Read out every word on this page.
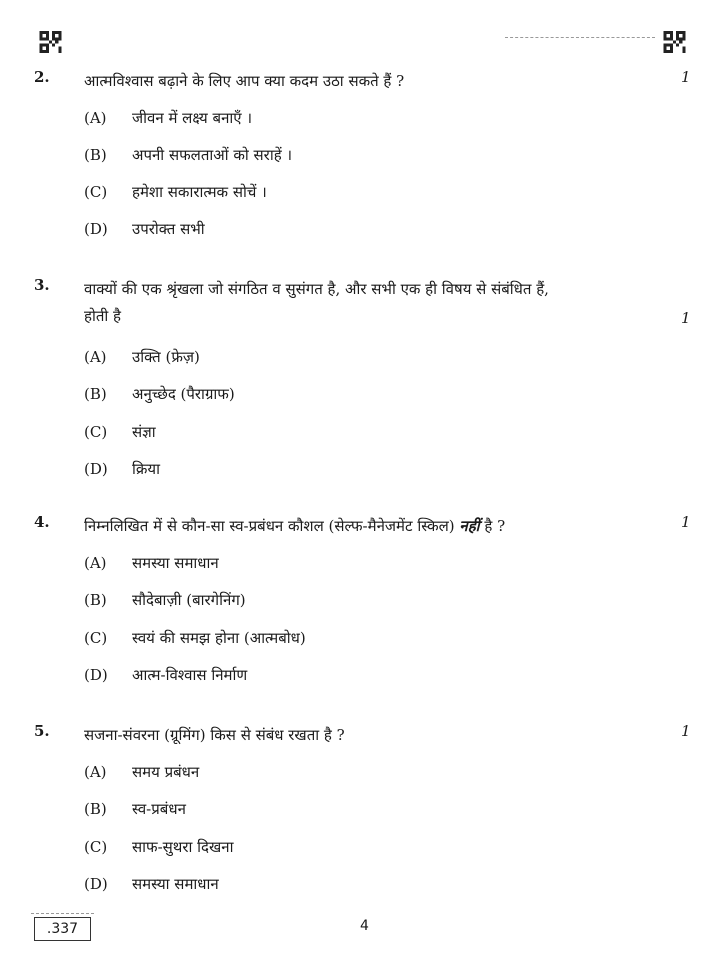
2. आत्मविश्वास बढ़ाने के लिए आप क्या कदम उठा सकते हैं ?	1
(A) जीवन में लक्ष्य बनाएँ ।
(B) अपनी सफलताओं को सराहें ।
(C) हमेशा सकारात्मक सोचें ।
(D) उपरोक्त सभी
3. वाक्यों की एक श्रृंखला जो संगठित व सुसंगत है, और सभी एक ही विषय से संबंधित हैं,
होती है	1
(A) उक्ति (फ्रेज़)
(B) अनुच्छेद (पैराग्राफ)
(C) संज्ञा
(D) क्रिया
4. निम्नलिखित में से कौन-सा स्व-प्रबंधन कौशल (सेल्फ-मैनेजमेंट स्किल) नहीं है ?	1
(A) समस्या समाधान
(B) सौदेबाज़ी (बारगेनिंग)
(C) स्वयं की समझ होना (आत्मबोध)
(D) आत्म-विश्वास निर्माण
5. सजना-संवरना (ग्रूमिंग) किस से संबंध रखता है ?	1
(A) समय प्रबंधन
(B) स्व-प्रबंधन
(C) साफ-सुथरा दिखना
(D) समस्या समाधान
.337	4
